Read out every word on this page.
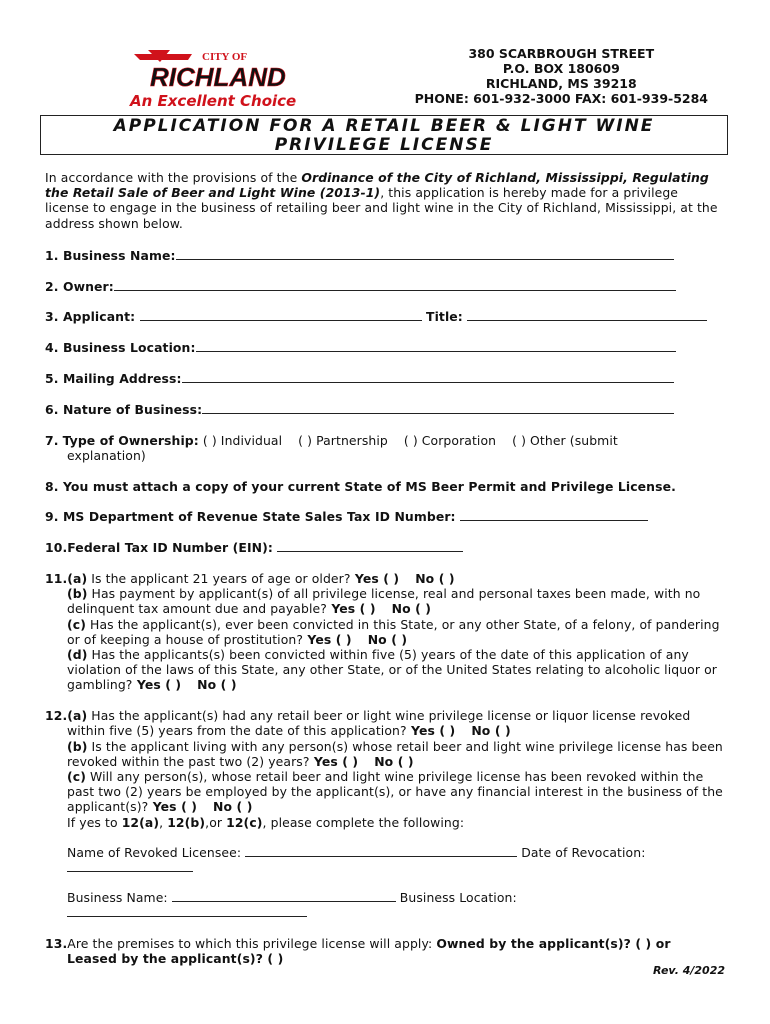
CITY OF
RICHLAND
An Excellent Choice
380 SCARBROUGH STREET
P.O. BOX 180609
RICHLAND, MS 39218
PHONE: 601-932-3000 FAX: 601-939-5284
APPLICATION FOR A RETAIL BEER & LIGHT WINE
PRIVILEGE LICENSE

In accordance with the provisions of the Ordinance of the City of Richland, Mississippi, Regulating the Retail Sale of Beer and Light Wine (2013-1), this application is hereby made for a privilege license to engage in the business of retailing beer and light wine in the City of Richland, Mississippi, at the address shown below.

1. Business Name:
2. Owner:
3. Applicant:	Title:
4. Business Location:
5. Mailing Address:
6. Nature of Business:
7. Type of Ownership: ( ) Individual ( ) Partnership ( ) Corporation ( ) Other (submit
explanation)
8. You must attach a copy of your current State of MS Beer Permit and Privilege License.
9. MS Department of Revenue State Sales Tax ID Number:
10.Federal Tax ID Number (EIN):
11.(a) Is the applicant 21 years of age or older? Yes ( ) No ( )
(b) Has payment by applicant(s) of all privilege license, real and personal taxes been made, with no delinquent tax amount due and payable? Yes ( ) No ( )
(c) Has the applicant(s), ever been convicted in this State, or any other State, of a felony, of pandering or of keeping a house of prostitution? Yes ( ) No ( )
(d) Has the applicants(s) been convicted within five (5) years of the date of this application of any violation of the laws of this State, any other State, or of the United States relating to alcoholic liquor or gambling? Yes ( ) No ( )
12.(a) Has the applicant(s) had any retail beer or light wine privilege license or liquor license revoked within five (5) years from the date of this application? Yes ( ) No ( )
(b) Is the applicant living with any person(s) whose retail beer and light wine privilege license has been revoked within the past two (2) years? Yes ( ) No ( )
(c) Will any person(s), whose retail beer and light wine privilege license has been revoked within the past two (2) years be employed by the applicant(s), or have any financial interest in the business of the applicant(s)? Yes ( ) No ( )
If yes to 12(a), 12(b),or 12(c), please complete the following:
Name of Revoked Licensee:	Date of Revocation:
Business Name:	Business Location:
13.Are the premises to which this privilege license will apply: Owned by the applicant(s)? ( ) or
Leased by the applicant(s)? ( )
Rev. 4/2022
